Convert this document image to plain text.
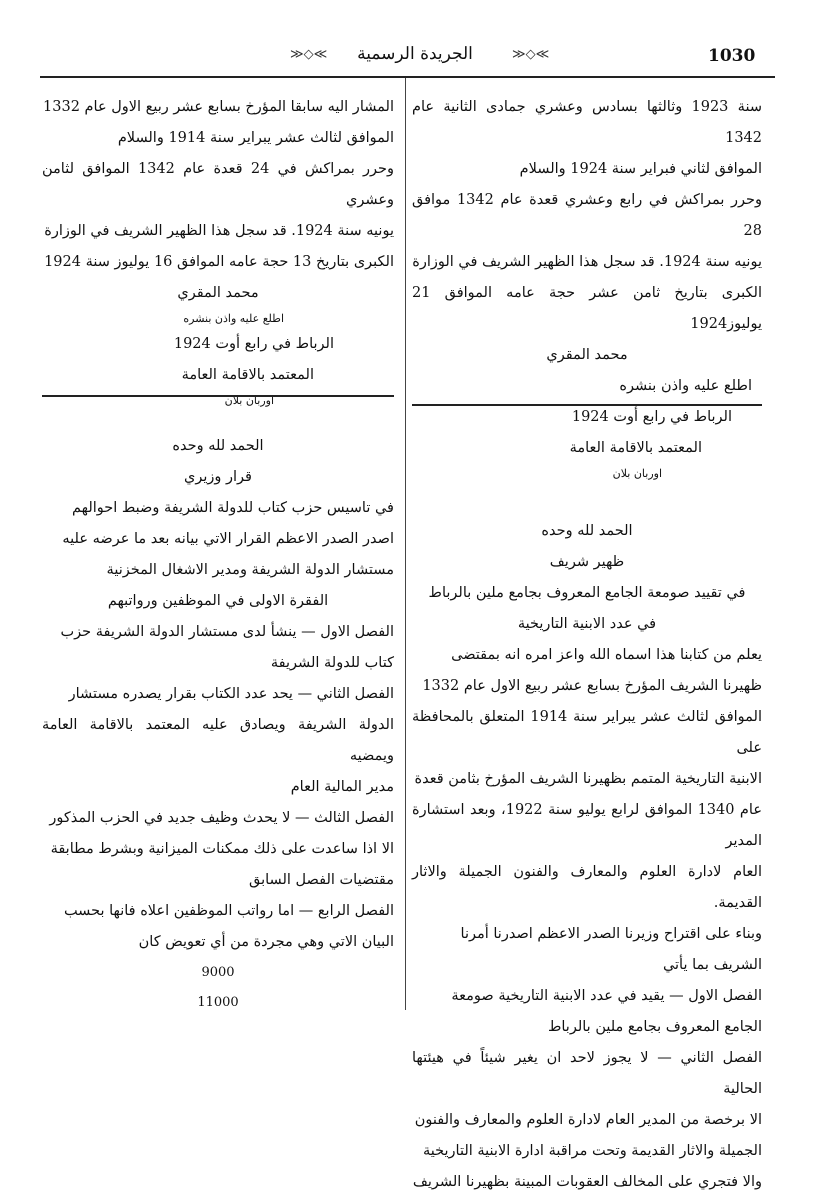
1030
≫◇≪	الجريدة الرسمية	≫◇≪

سنة 1923 وثالثها بسادس وعشري جمادى الثانية عام 1342

الموافق لثاني فبراير سنة 1924 والسلام

وحرر بمراكش في رابع وعشري قعدة عام 1342 موافق 28

يونيه سنة 1924. قد سجل هذا الظهير الشريف في الوزارة

الكبرى بتاريخ ثامن عشر حجة عامه الموافق 21 يوليوز1924

محمد المقري

اطلع عليه واذن بنشره

الرباط في رابع أوت 1924

المعتمد بالاقامة العامة

اوربان بلان

الحمد لله وحده

ظهير شريف

في تقييد صومعة الجامع المعروف بجامع ملين بالرباط

في عدد الابنية التاريخية

يعلم من كتابنا هذا اسماه الله واعز امره انه بمقتضى

ظهيرنا الشريف المؤرخ بسابع عشر ربيع الاول عام 1332

الموافق لثالث عشر يبراير سنة 1914 المتعلق بالمحافظة على

الابنية التاريخية المتمم بظهيرنا الشريف المؤرخ بثامن قعدة

عام 1340 الموافق لرابع يوليو سنة 1922، وبعد استشارة المدير

العام لادارة العلوم والمعارف والفنون الجميلة والاثار القديمة.

وبناء على اقتراح وزيرنا الصدر الاعظم اصدرنا أمرنا

الشريف بما يأتي

الفصل الاول — يقيد في عدد الابنية التاريخية صومعة

الجامع المعروف بجامع ملين بالرباط

الفصل الثاني — لا يجوز لاحد ان يغير شيئاً في هيئتها الحالية

الا برخصة من المدير العام لادارة العلوم والمعارف والفنون

الجميلة والاثار القديمة وتحت مراقبة ادارة الابنية التاريخية

والا فتجري على المخالف العقوبات المبينة بظهيرنا الشريف

المشار اليه سابقا المؤرخ بسابع عشر ربيع الاول عام 1332

الموافق لثالث عشر يبراير سنة 1914 والسلام

وحرر بمراكش في 24 قعدة عام 1342 الموافق لثامن وعشري

يونيه سنة 1924. قد سجل هذا الظهير الشريف في الوزارة

الكبرى بتاريخ 13 حجة عامه الموافق 16 يوليوز سنة 1924

محمد المقري

اطلع عليه واذن بنشره

الرباط في رابع أوت 1924

المعتمد بالاقامة العامة

اوربان بلان

الحمد لله وحده

قرار وزيري

في تاسيس حزب كتاب للدولة الشريفة وضبط احوالهم

اصدر الصدر الاعظم القرار الاتي بيانه بعد ما عرضه عليه

مستشار الدولة الشريفة ومدير الاشغال المخزنية

الفقرة الاولى في الموظفين ورواتبهم

الفصل الاول — ينشأ لدى مستشار الدولة الشريفة حزب

كتاب للدولة الشريفة

الفصل الثاني — يحد عدد الكتاب بقرار يصدره مستشار

الدولة الشريفة ويصادق عليه المعتمد بالاقامة العامة ويمضيه

مدير المالية العام

الفصل الثالث — لا يحدث وظيف جديد في الحزب المذكور

الا اذا ساعدت على ذلك ممكنات الميزانية وبشرط مطابقة

مقتضيات الفصل السابق

الفصل الرابع — اما رواتب الموظفين اعلاه فانها بحسب

البيان الاتي وهي مجردة من أي تعويض كان

9000
11000
